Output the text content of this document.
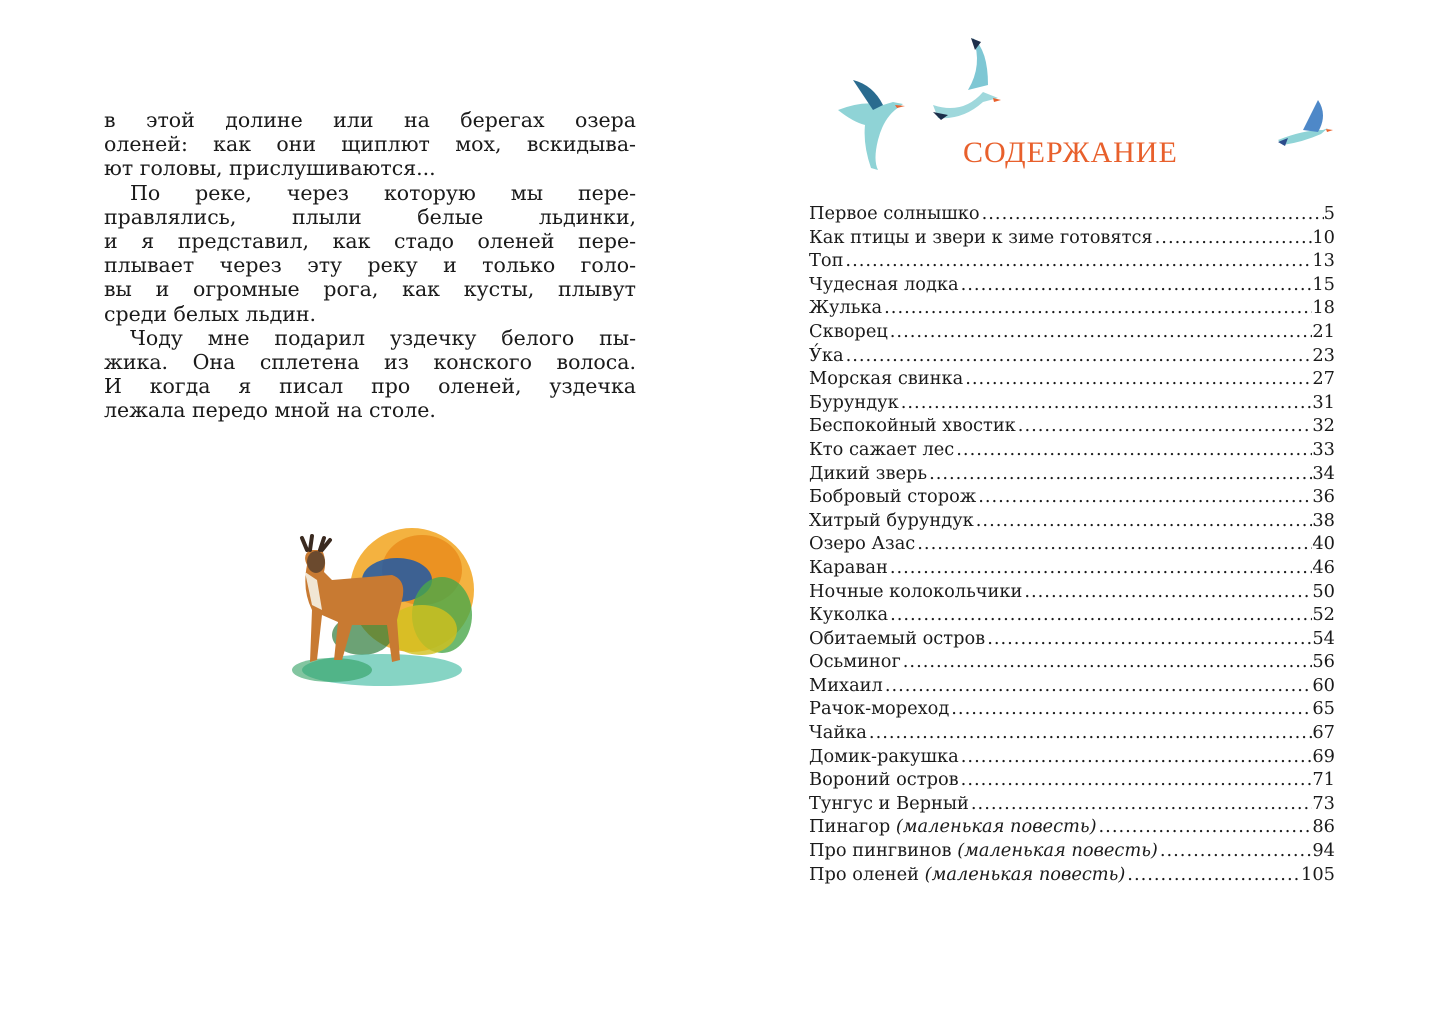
в этой долине или на берегах озера
оленей: как они щиплют мох, вскидыва-
ют головы, прислушиваются...
По реке, через которую мы пере-
правлялись, плыли белые льдинки,
и я представил, как стадо оленей пере-
плывает через эту реку и только голо-
вы и огромные рога, как кусты, плывут
среди белых льдин.
Чоду мне подарил уздечку белого пы-
жика. Она сплетена из конского волоса.
И когда я писал про оленей, уздечка
лежала передо мной на столе.
СОДЕРЖАНИЕ
Первое солнышко .....	5
Как птицы и звери к зиме готовятся .....	10
Топ .....	13
Чудесная лодка .....	15
Жулька .....	18
Скворец .....	21
У́ка .....	23
Морская свинка .....	27
Бурундук .....	31
Беспокойный хвостик .....	32
Кто сажает лес .....	33
Дикий зверь .....	34
Бобровый сторож .....	36
Хитрый бурундук .....	38
Озеро Азас .....	40
Караван .....	46
Ночные колокольчики .....	50
Куколка .....	52
Обитаемый остров .....	54
Осьминог .....	56
Михаил .....	60
Рачок-мореход .....	65
Чайка .....	67
Домик-ракушка .....	69
Вороний остров .....	71
Тунгус и Верный .....	73
Пинагор (маленькая повесть) .....	86
Про пингвинов (маленькая повесть) .....	94
Про оленей (маленькая повесть) .....	105
